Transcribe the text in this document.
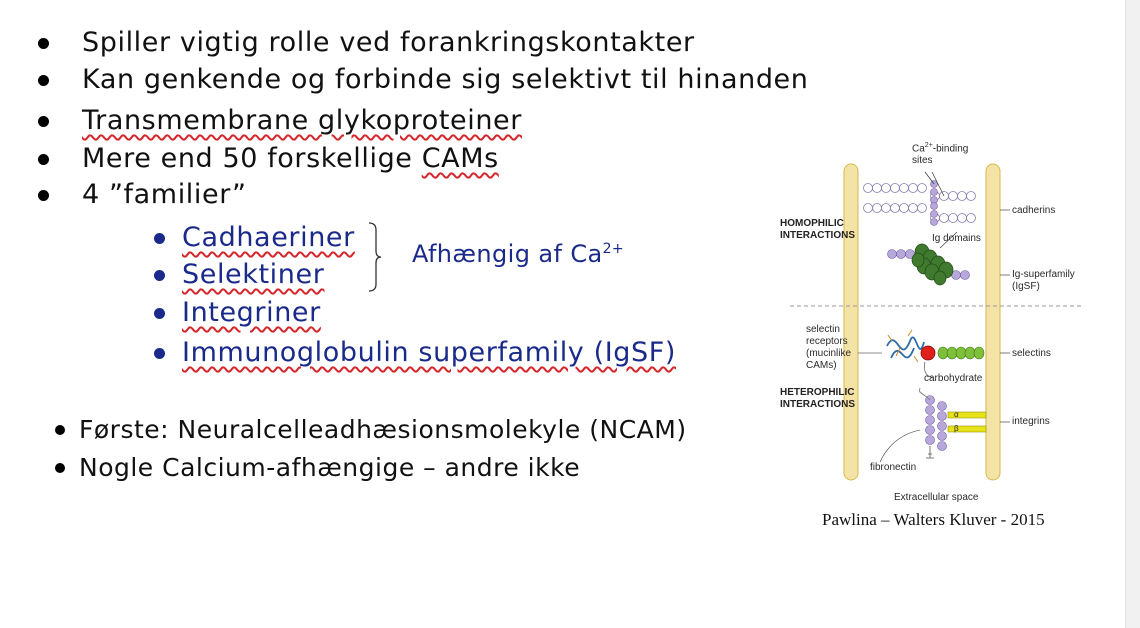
Spiller vigtig rolle ved forankringskontakter
Kan genkende og forbinde sig selektivt til hinanden
Transmembrane glykoproteiner
Mere end 50 forskellige CAMs
4 ”familier”
Cadhaeriner
Selektiner
Integriner
Immunoglobulin superfamily (IgSF)
Afhængig af $Ca^{2+}$
Første: Neuralcelleadhæsionsmolekyle (NCAM)
Nogle Calcium-afhængige – andre ikke
$Ca^{2+}$-binding
sites
cadherins
HOMOPHILIC
INTERACTIONS	Ig domains
Ig-superfamily
(IgSF)
selectin
receptors
(mucinlike
CAMs)
selectins
carbohydrate
HETEROPHILIC
INTERACTIONS
α
β
integrins
fibronectin
Extracellular space
Pawlina – Walters Kluver - 2015
